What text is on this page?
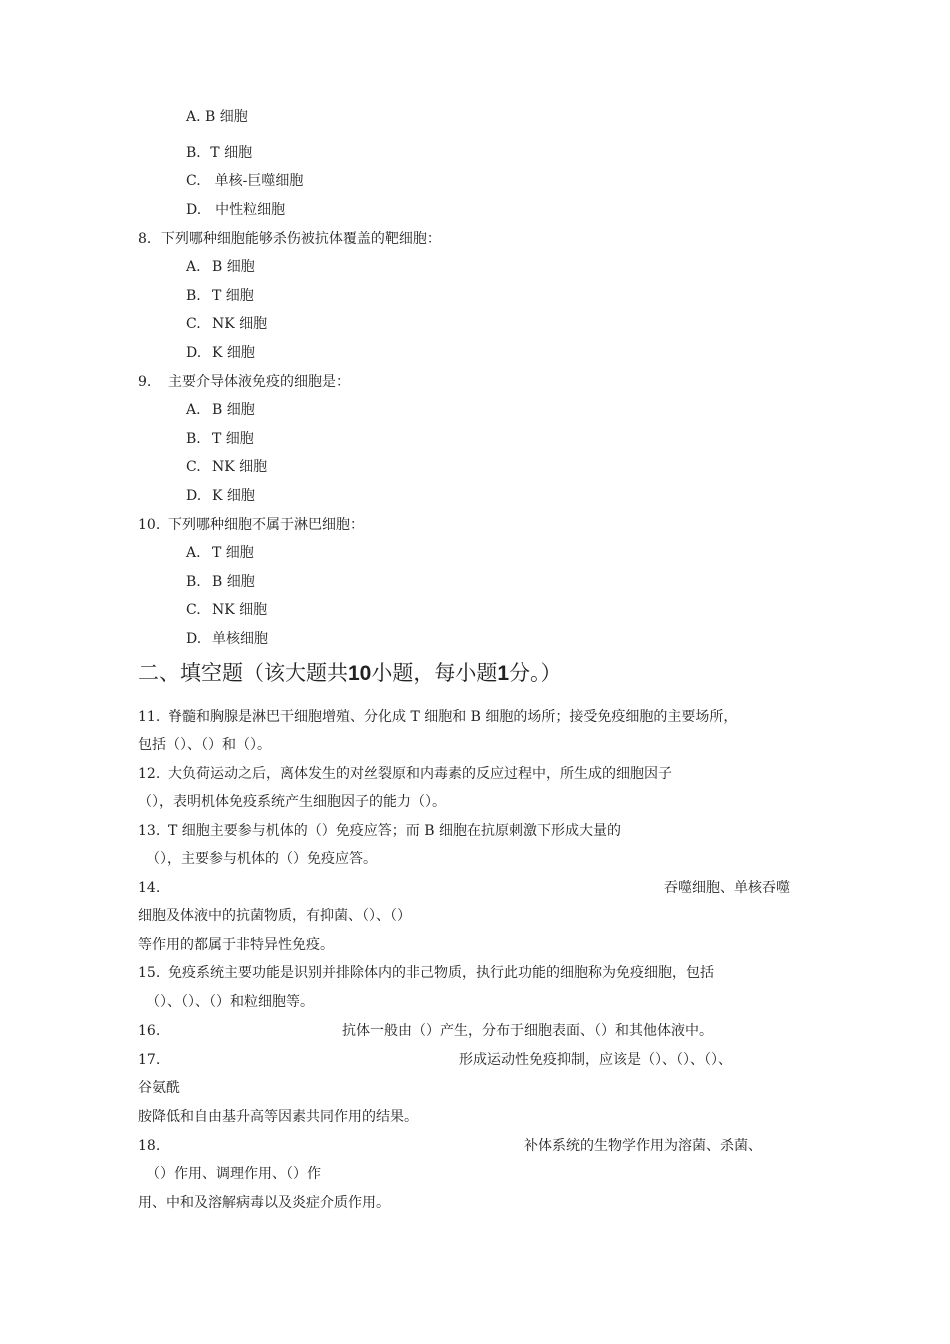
A. B 细胞
B．T 细胞
C.　单核-巨噬细胞
D.　中性粒细胞
8．下列哪种细胞能够杀伤被抗体覆盖的靶细胞：
A. B 细胞
B. T 细胞
C. NK 细胞
D. K 细胞
9. 主要介导体液免疫的细胞是：
A. B 细胞
B. T 细胞
C. NK 细胞
D. K 细胞
10. 下列哪种细胞不属于淋巴细胞：
A. T 细胞
B. B 细胞
C. NK 细胞
D. 单核细胞
二、填空题（该大题共10小题，每小题1分。）
11. 脊髓和胸腺是淋巴干细胞增殖、分化成 T 细胞和 B 细胞的场所；接受免疫细胞的主要场所，
包括（）、（）和（）。
12. 大负荷运动之后，离体发生的对丝裂原和内毒素的反应过程中，所生成的细胞因子
（），表明机体免疫系统产生细胞因子的能力（）。
13. T 细胞主要参与机体的（）免疫应答；而 B 细胞在抗原刺激下形成大量的
（），主要参与机体的（）免疫应答。
14.	吞噬细胞、单核吞噬
细胞及体液中的抗菌物质，有抑菌、（）、（）
等作用的都属于非特异性免疫。
15. 免疫系统主要功能是识别并排除体内的非己物质，执行此功能的细胞称为免疫细胞，包括
（）、（）、（）和粒细胞等。
16.	抗体一般由（）产生，分布于细胞表面、（）和其他体液中。
17.	形成运动性免疫抑制，应该是（）、（）、（）、
谷氨酰
胺降低和自由基升高等因素共同作用的结果。
18.	补体系统的生物学作用为溶菌、杀菌、
（）作用、调理作用、（）作
用、中和及溶解病毒以及炎症介质作用。
